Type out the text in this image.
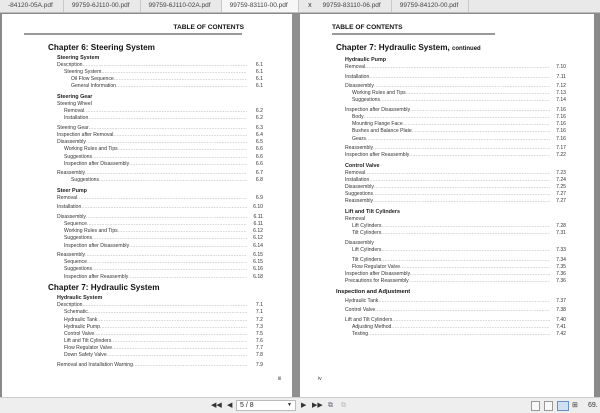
-84120-05A.pdf	99759-6J110-00.pdf	99759-6J110-02A.pdf	99759-83110-00.pdf	x	99759-83110-06.pdf	99759-84120-00.pdf
TABLE OF CONTENTS
Chapter 6: Steering System
Steering System
Description .....	6.1
Steering System .....	6.1
Oil Flow Sequence .....	6.1
General Information .....	6.1
Steering Gear
Steering Wheel
Removal .....	6.2
Installation .....	6.2
Steering Gear .....	6.3
Inspection after Removal .....	6.4
Disassembly .....	6.5
Working Rules and Tips .....	6.6
Suggestions .....	6.6
Inspection after Disassembly .....	6.6
Reassembly .....	6.7
Suggestions .....	6.8
Steer Pump
Removal .....	6.9
Installation .....	6.10
Disassembly .....	6.11
Sequence .....	6.11
Working Rules and Tips .....	6.12
Suggestions .....	6.12
Inspection after Disassembly .....	6.14
Reassembly .....	6.15
Sequence .....	6.15
Suggestions .....	6.16
Inspection after Reassembly .....	6.18
Chapter 7: Hydraulic System
Hydraulic System
Description .....	7.1
Schematic .....	7.1
Hydraulic Tank .....	7.2
Hydraulic Pump .....	7.3
Control Valve .....	7.5
Lift and Tilt Cylinders .....	7.6
Flow Regulator Valve .....	7.7
Down Safety Valve .....	7.8
Removal and Installation Warning .....	7.9
iii
TABLE OF CONTENTS
Chapter 7: Hydraulic System, continued
Hydraulic Pump
Removal .....	7.10
Installation .....	7.11
Disassembly .....	7.12
Working Rules and Tips .....	7.13
Suggestions .....	7.14
Inspection after Disassembly .....	7.16
Body .....	7.16
Mounting Flange Face .....	7.16
Bushes and Balance Plate .....	7.16
Gears .....	7.16
Reassembly .....	7.17
Inspection after Reassembly .....	7.22
Control Valve
Removal .....	7.23
Installation .....	7.24
Disassembly .....	7.25
Suggestions .....	7.27
Reassembly .....	7.27
Lift and Tilt Cylinders
Removal
Lift Cylinders .....	7.28
Tilt Cylinders .....	7.31
Disassembly
Lift Cylinders .....	7.33
Tilt Cylinders .....	7.34
Flow Regulator Valve .....	7.35
Inspection after Disassembly .....	7.36
Precautions for Reassembly .....	7.36
Inspection and Adjustment
Hydraulic Tank .....	7.37
Control Valve .....	7.38
Lift and Tilt Cylinders .....	7.40
Adjusting Method .....	7.41
Testing .....	7.42
iv
◀◀ ◀	5 / 8	▼ ▶ ▶▶ ⧉ ⧉	⊞ 69.
